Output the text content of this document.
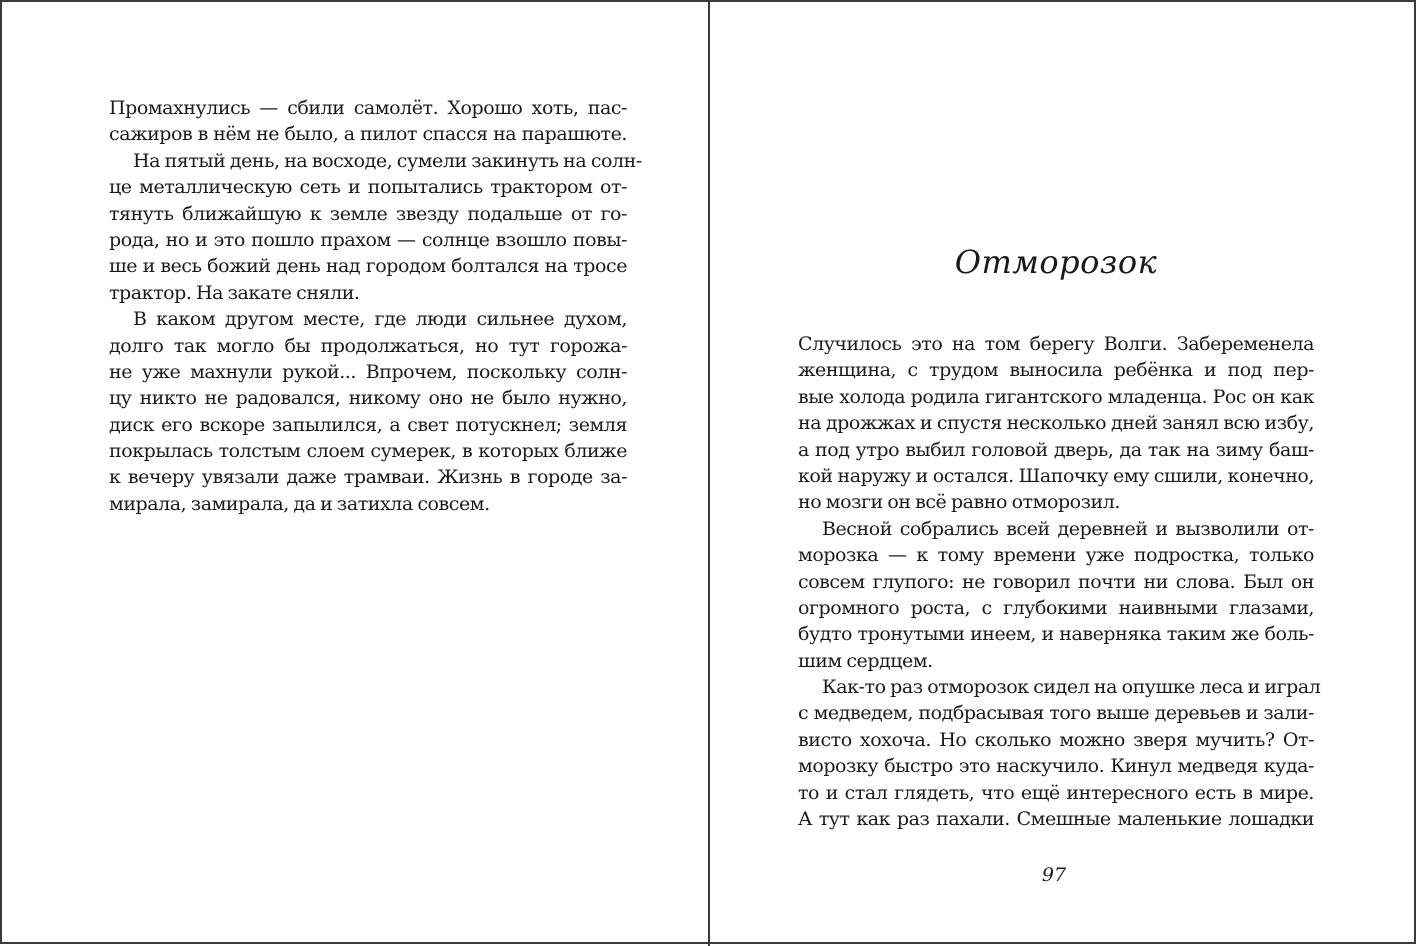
Промахнулись — сбили самолёт. Хорошо хоть, пас-
сажиров в нём не было, а пилот спасся на парашюте.
На пятый день, на восходе, сумели закинуть на солн-
це металлическую сеть и попытались трактором от-
тянуть ближайшую к земле звезду подальше от го-
рода, но и это пошло прахом — солнце взошло повы-
ше и весь божий день над городом болтался на тросе
трактор. На закате сняли.
В каком другом месте, где люди сильнее духом,
долго так могло бы продолжаться, но тут горожа-
не уже махнули рукой... Впрочем, поскольку солн-
цу никто не радовался, никому оно не было нужно,
диск его вскоре запылился, а свет потускнел; земля
покрылась толстым слоем сумерек, в которых ближе
к вечеру увязали даже трамваи. Жизнь в городе за-
мирала, замирала, да и затихла совсем.
Отморозок
Случилось это на том берегу Волги. Забеременела
женщина, с трудом выносила ребёнка и под пер-
вые холода родила гигантского младенца. Рос он как
на дрожжах и спустя несколько дней занял всю избу,
а под утро выбил головой дверь, да так на зиму баш-
кой наружу и остался. Шапочку ему сшили, конечно,
но мозги он всё равно отморозил.
Весной собрались всей деревней и вызволили от-
морозка — к тому времени уже подростка, только
совсем глупого: не говорил почти ни слова. Был он
огромного роста, с глубокими наивными глазами,
будто тронутыми инеем, и наверняка таким же боль-
шим сердцем.
Как-то раз отморозок сидел на опушке леса и играл
с медведем, подбрасывая того выше деревьев и зали-
висто хохоча. Но сколько можно зверя мучить? От-
морозку быстро это наскучило. Кинул медведя куда-
то и стал глядеть, что ещё интересного есть в мире.
А тут как раз пахали. Смешные маленькие лошадки
97
